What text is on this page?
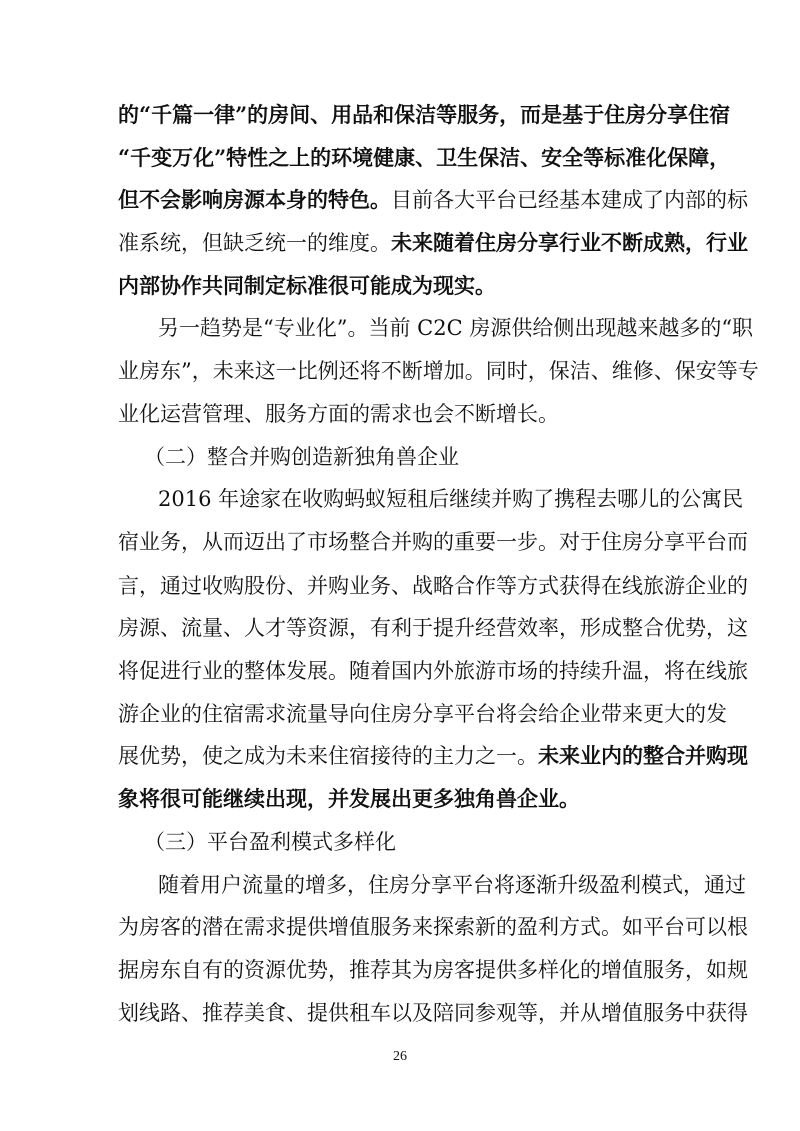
的“千篇一律”的房间、用品和保洁等服务，而是基于住房分享住宿
“千变万化”特性之上的环境健康、卫生保洁、安全等标准化保障，
但不会影响房源本身的特色。目前各大平台已经基本建成了内部的标
准系统，但缺乏统一的维度。未来随着住房分享行业不断成熟，行业
内部协作共同制定标准很可能成为现实。
另一趋势是“专业化”。当前 C2C 房源供给侧出现越来越多的“职
业房东”，未来这一比例还将不断增加。同时，保洁、维修、保安等专
业化运营管理、服务方面的需求也会不断增长。
（二）整合并购创造新独角兽企业
2016 年途家在收购蚂蚁短租后继续并购了携程去哪儿的公寓民
宿业务，从而迈出了市场整合并购的重要一步。对于住房分享平台而
言，通过收购股份、并购业务、战略合作等方式获得在线旅游企业的
房源、流量、人才等资源，有利于提升经营效率，形成整合优势，这
将促进行业的整体发展。随着国内外旅游市场的持续升温，将在线旅
游企业的住宿需求流量导向住房分享平台将会给企业带来更大的发
展优势，使之成为未来住宿接待的主力之一。未来业内的整合并购现
象将很可能继续出现，并发展出更多独角兽企业。
（三）平台盈利模式多样化
随着用户流量的增多，住房分享平台将逐渐升级盈利模式，通过
为房客的潜在需求提供增值服务来探索新的盈利方式。如平台可以根
据房东自有的资源优势，推荐其为房客提供多样化的增值服务，如规
划线路、推荐美食、提供租车以及陪同参观等，并从增值服务中获得
26
